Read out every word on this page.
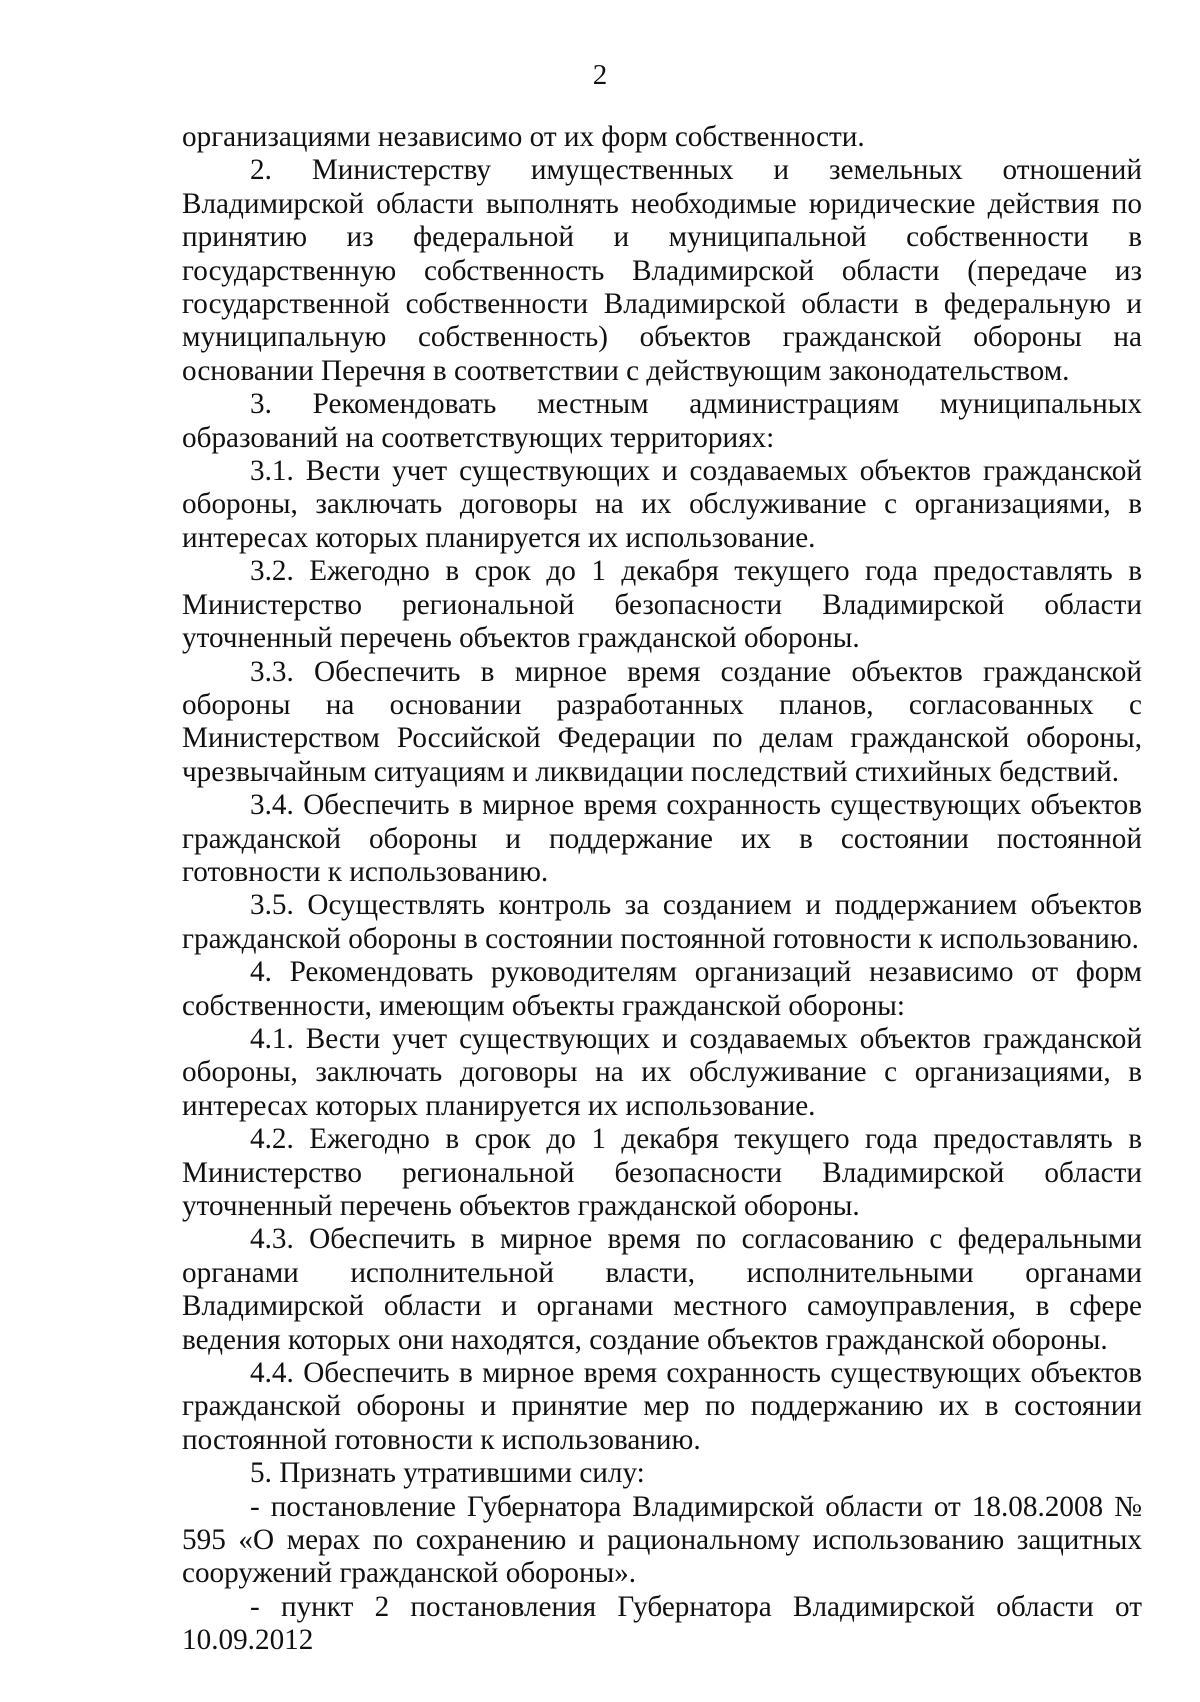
2

организациями независимо от их форм собственности.

2. Министерству имущественных и земельных отношений Владимирской области выполнять необходимые юридические действия по принятию из федеральной и муниципальной собственности в государственную собственность Владимирской области (передаче из государственной собственности Владимирской области в федеральную и муниципальную собственность) объектов гражданской обороны на основании Перечня в соответствии с действующим законодательством.

3. Рекомендовать местным администрациям муниципальных образований на соответствующих территориях:

3.1. Вести учет существующих и создаваемых объектов гражданской обороны, заключать договоры на их обслуживание с организациями, в интересах которых планируется их использование.

3.2. Ежегодно в срок до 1 декабря текущего года предоставлять в Министерство региональной безопасности Владимирской области уточненный перечень объектов гражданской обороны.

3.3. Обеспечить в мирное время создание объектов гражданской обороны на основании разработанных планов, согласованных с Министерством Российской Федерации по делам гражданской обороны, чрезвычайным ситуациям и ликвидации последствий стихийных бедствий.

3.4. Обеспечить в мирное время сохранность существующих объектов гражданской обороны и поддержание их в состоянии постоянной готовности к использованию.

3.5. Осуществлять контроль за созданием и поддержанием объектов гражданской обороны в состоянии постоянной готовности к использованию.

4. Рекомендовать руководителям организаций независимо от форм собственности, имеющим объекты гражданской обороны:

4.1. Вести учет существующих и создаваемых объектов гражданской обороны, заключать договоры на их обслуживание с организациями, в интересах которых планируется их использование.

4.2. Ежегодно в срок до 1 декабря текущего года предоставлять в Министерство региональной безопасности Владимирской области уточненный перечень объектов гражданской обороны.

4.3. Обеспечить в мирное время по согласованию с федеральными органами исполнительной власти, исполнительными органами Владимирской области и органами местного самоуправления, в сфере ведения которых они находятся, создание объектов гражданской обороны.

4.4. Обеспечить в мирное время сохранность существующих объектов гражданской обороны и принятие мер по поддержанию их в состоянии постоянной готовности к использованию.

5. Признать утратившими силу:

- постановление Губернатора Владимирской области от 18.08.2008 № 595 «О мерах по сохранению и рациональному использованию защитных сооружений гражданской обороны».

- пункт 2 постановления Губернатора Владимирской области от 10.09.2012
